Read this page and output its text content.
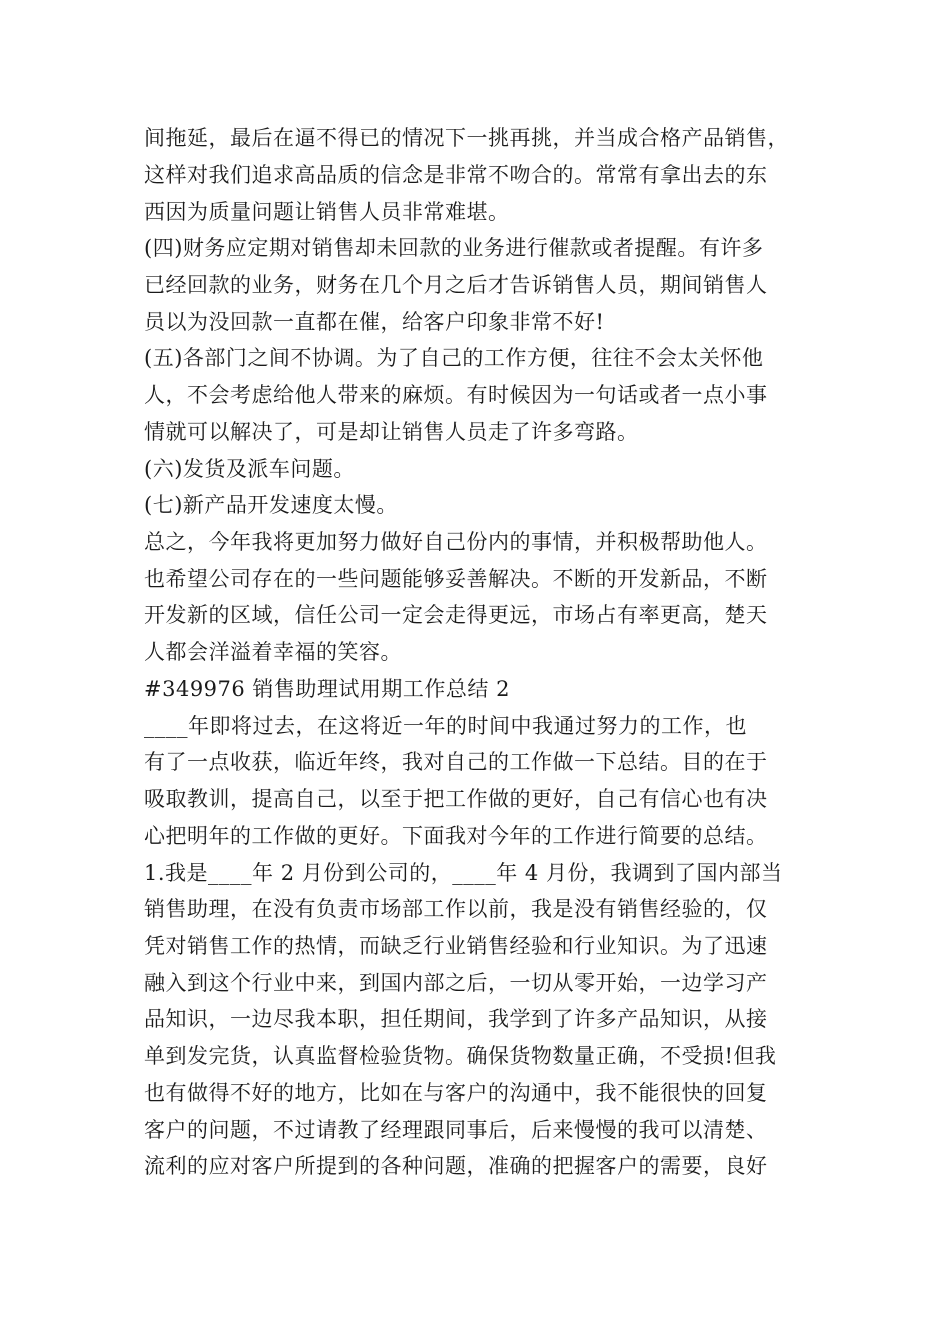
间拖延，最后在逼不得已的情况下一挑再挑，并当成合格产品销售，
这样对我们追求高品质的信念是非常不吻合的。常常有拿出去的东
西因为质量问题让销售人员非常难堪。
(四)财务应定期对销售却未回款的业务进行催款或者提醒。有许多
已经回款的业务，财务在几个月之后才告诉销售人员，期间销售人
员以为没回款一直都在催，给客户印象非常不好!
(五)各部门之间不协调。为了自己的工作方便，往往不会太关怀他
人，不会考虑给他人带来的麻烦。有时候因为一句话或者一点小事
情就可以解决了，可是却让销售人员走了许多弯路。
(六)发货及派车问题。
(七)新产品开发速度太慢。
总之，今年我将更加努力做好自己份内的事情，并积极帮助他人。
也希望公司存在的一些问题能够妥善解决。不断的开发新品，不断
开发新的区域，信任公司一定会走得更远，市场占有率更高，楚天
人都会洋溢着幸福的笑容。
#349976 销售助理试用期工作总结 2
____年即将过去，在这将近一年的时间中我通过努力的工作，也
有了一点收获，临近年终，我对自己的工作做一下总结。目的在于
吸取教训，提高自己，以至于把工作做的更好，自己有信心也有决
心把明年的工作做的更好。下面我对今年的工作进行简要的总结。
1.我是____年 2 月份到公司的，____年 4 月份，我调到了国内部当
销售助理，在没有负责市场部工作以前，我是没有销售经验的，仅
凭对销售工作的热情，而缺乏行业销售经验和行业知识。为了迅速
融入到这个行业中来，到国内部之后，一切从零开始，一边学习产
品知识，一边尽我本职，担任期间，我学到了许多产品知识，从接
单到发完货，认真监督检验货物。确保货物数量正确，不受损!但我
也有做得不好的地方，比如在与客户的沟通中，我不能很快的回复
客户的问题，不过请教了经理跟同事后，后来慢慢的我可以清楚、
流利的应对客户所提到的各种问题，准确的把握客户的需要，良好
